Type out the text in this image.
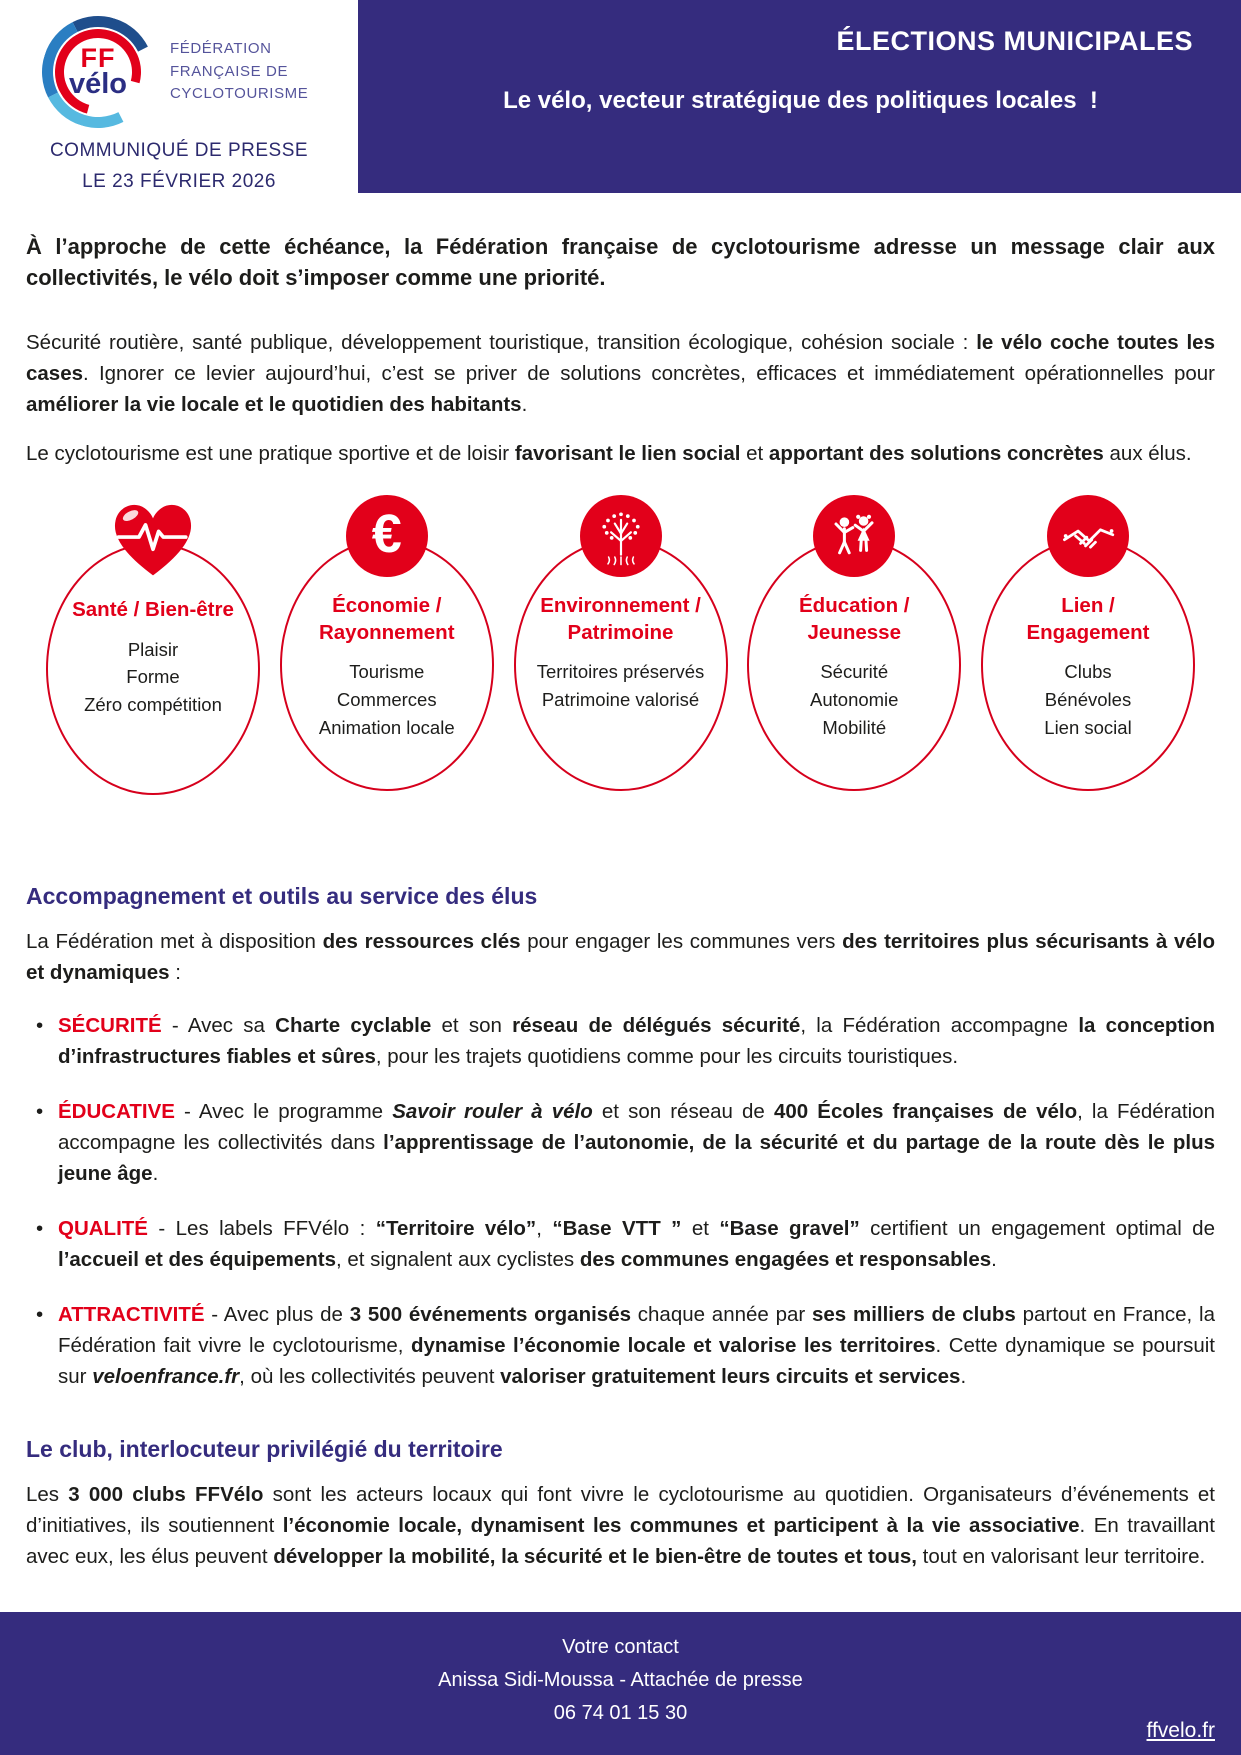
FF
vélo
FÉDÉRATION
FRANÇAISE DE
CYCLOTOURISME
COMMUNIQUÉ DE PRESSE
LE 23 FÉVRIER 2026
ÉLECTIONS MUNICIPALES
Le vélo, vecteur stratégique des politiques locales  !

À l’approche de cette échéance, la Fédération française de cyclotourisme adresse un message clair aux collectivités, le vélo doit s’imposer comme une priorité.

Sécurité routière, santé publique, développement touristique, transition écologique, cohésion sociale : le vélo coche toutes les cases. Ignorer ce levier aujourd’hui, c’est se priver de solutions concrètes, efficaces et immédiatement opérationnelles pour améliorer la vie locale et le quotidien des habitants.

Le cyclotourisme est une pratique sportive et de loisir favorisant le lien social et apportant des solutions concrètes aux élus.

Santé / Bien-être
Plaisir
Forme
Zéro compétition
€
Économie /
Rayonnement
Tourisme
Commerces
Animation locale
Environnement /
Patrimoine
Territoires préservés
Patrimoine valorisé
Éducation /
Jeunesse
Sécurité
Autonomie
Mobilité
Lien /
Engagement
Clubs
Bénévoles
Lien social
Accompagnement et outils au service des élus

La Fédération met à disposition des ressources clés pour engager les communes vers des territoires plus sécurisants à vélo et dynamiques :

• SÉCURITÉ - Avec sa Charte cyclable et son réseau de délégués sécurité, la Fédération accompagne la conception d’infrastructures fiables et sûres, pour les trajets quotidiens comme pour les circuits touristiques.
• ÉDUCATIVE - Avec le programme Savoir rouler à vélo et son réseau de 400 Écoles françaises de vélo, la Fédération accompagne les collectivités dans l’apprentissage de l’autonomie, de la sécurité et du partage de la route dès le plus jeune âge.
• QUALITÉ - Les labels FFVélo : “Territoire vélo”, “Base VTT ” et “Base gravel” certifient un engagement optimal de l’accueil et des équipements, et signalent aux cyclistes des communes engagées et responsables.
• ATTRACTIVITÉ - Avec plus de 3 500 événements organisés chaque année par ses milliers de clubs partout en France, la Fédération fait vivre le cyclotourisme, dynamise l’économie locale et valorise les territoires. Cette dynamique se poursuit sur veloenfrance.fr, où les collectivités peuvent valoriser gratuitement leurs circuits et services.
Le club, interlocuteur privilégié du territoire

Les 3 000 clubs FFVélo sont les acteurs locaux qui font vivre le cyclotourisme au quotidien. Organisateurs d’événements et d’initiatives, ils soutiennent l’économie locale, dynamisent les communes et participent à la vie associative. En travaillant avec eux, les élus peuvent développer la mobilité, la sécurité et le bien-être de toutes et tous, tout en valorisant leur territoire.

Votre contact
Anissa Sidi-Moussa - Attachée de presse
06 74 01 15 30
ffvelo.fr
